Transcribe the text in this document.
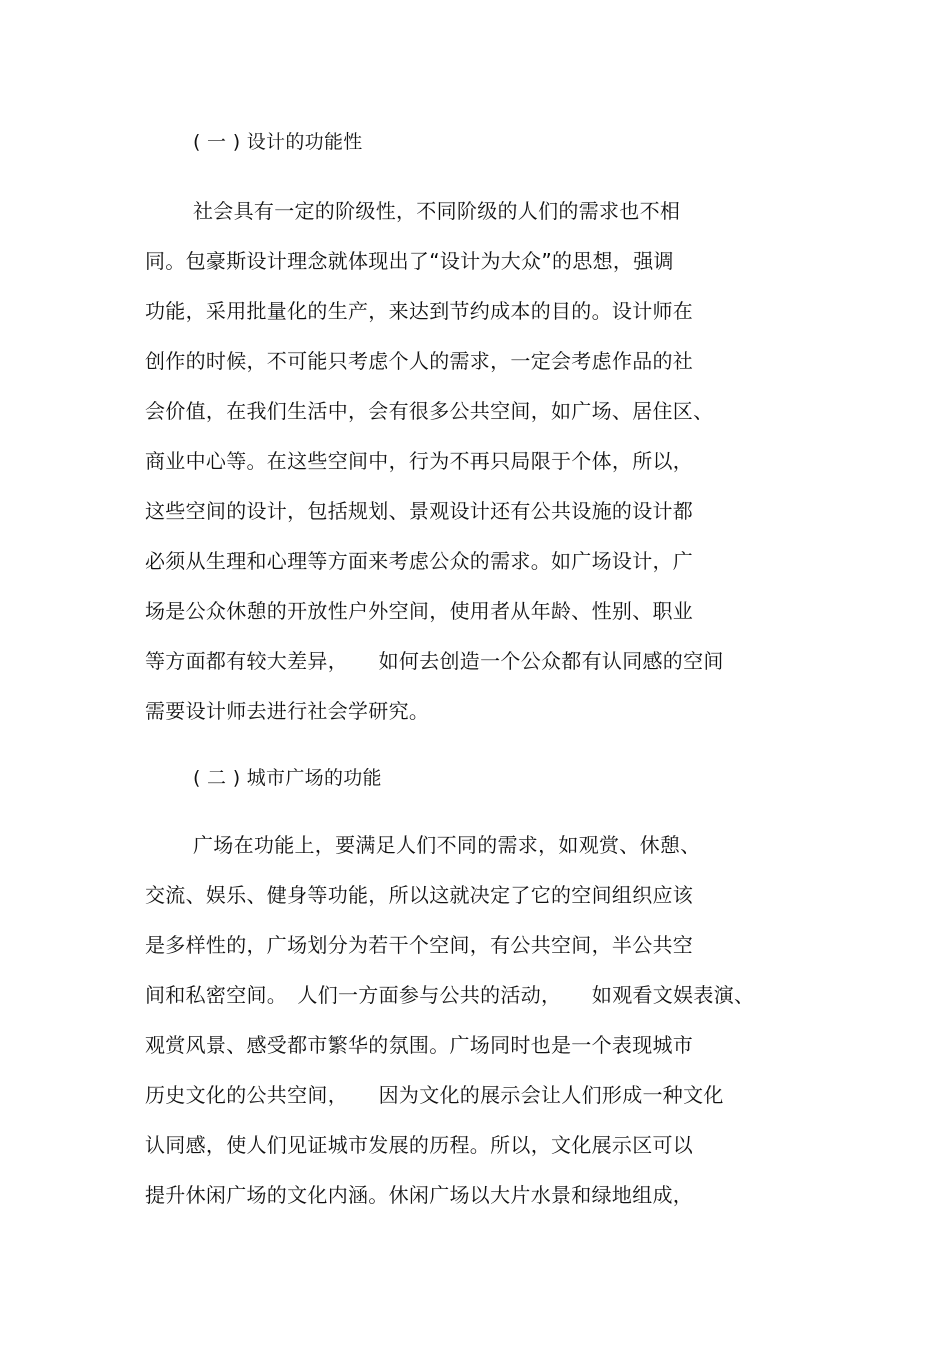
( 一 ) 设计的功能性
社会具有一定的阶级性，不同阶级的人们的需求也不相
同。包豪斯设计理念就体现出了“设计为大众”的思想，强调
功能，采用批量化的生产，来达到节约成本的目的。设计师在
创作的时候，不可能只考虑个人的需求，一定会考虑作品的社
会价值，在我们生活中，会有很多公共空间，如广场、居住区、
商业中心等。在这些空间中，行为不再只局限于个体，所以，
这些空间的设计，包括规划、景观设计还有公共设施的设计都
必须从生理和心理等方面来考虑公众的需求。如广场设计，广
场是公众休憩的开放性户外空间，使用者从年龄、性别、职业
等方面都有较大差异，　　如何去创造一个公众都有认同感的空间
需要设计师去进行社会学研究。
( 二 ) 城市广场的功能
广场在功能上，要满足人们不同的需求，如观赏、休憩、
交流、娱乐、健身等功能，所以这就决定了它的空间组织应该
是多样性的，广场划分为若干个空间，有公共空间，半公共空
间和私密空间。　人们一方面参与公共的活动，　　如观看文娱表演、
观赏风景、感受都市繁华的氛围。广场同时也是一个表现城市
历史文化的公共空间，　　因为文化的展示会让人们形成一种文化
认同感，使人们见证城市发展的历程。所以，文化展示区可以
提升休闲广场的文化内涵。休闲广场以大片水景和绿地组成，
